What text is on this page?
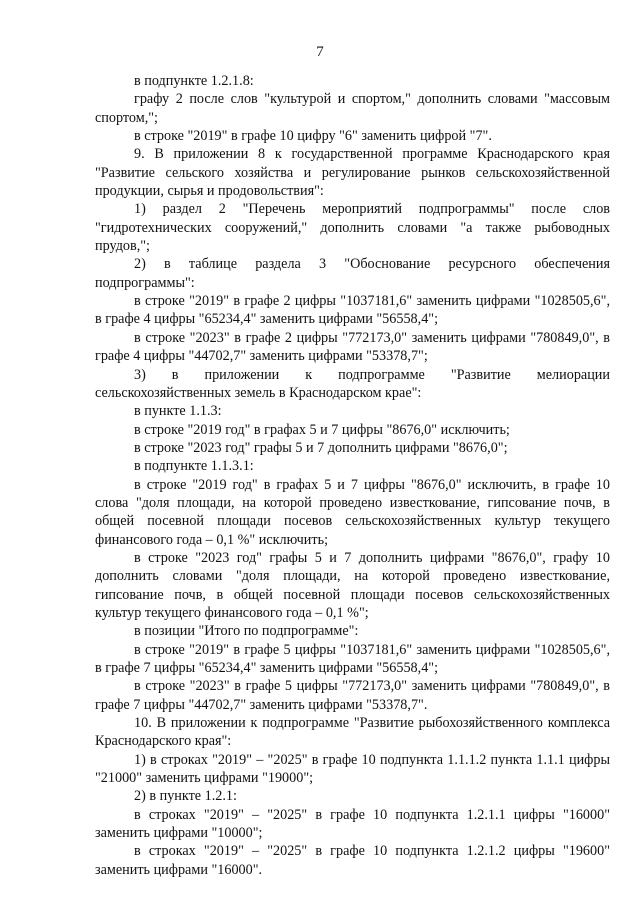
7

в подпункте 1.2.1.8:

графу 2 после слов "культурой и спортом," дополнить словами "массовым спортом,";

в строке "2019" в графе 10 цифру "6" заменить цифрой "7".

9. В приложении 8 к государственной программе Краснодарского края "Развитие сельского хозяйства и регулирование рынков сельскохозяйственной продукции, сырья и продовольствия":

1) раздел 2 "Перечень мероприятий подпрограммы" после слов "гидротехнических сооружений," дополнить словами "а также рыбоводных прудов,";

2) в таблице раздела 3 "Обоснование ресурсного обеспечения подпрограммы":

в строке "2019" в графе 2 цифры "1037181,6" заменить цифрами "1028505,6", в графе 4 цифры "65234,4" заменить цифрами "56558,4";

в строке "2023" в графе 2 цифры "772173,0" заменить цифрами "780849,0", в графе 4 цифры "44702,7" заменить цифрами "53378,7";

3) в приложении к подпрограмме "Развитие мелиорации сельскохозяйственных земель в Краснодарском крае":

в пункте 1.1.3:

в строке "2019 год" в графах 5 и 7 цифры "8676,0" исключить;

в строке "2023 год" графы 5 и 7 дополнить цифрами "8676,0";

в подпункте 1.1.3.1:

в строке "2019 год" в графах 5 и 7 цифры "8676,0" исключить, в графе 10 слова "доля площади, на которой проведено известкование, гипсование почв, в общей посевной площади посевов сельскохозяйственных культур текущего финансового года – 0,1 %" исключить;

в строке "2023 год" графы 5 и 7 дополнить цифрами "8676,0", графу 10 дополнить словами "доля площади, на которой проведено известкование, гипсование почв, в общей посевной площади посевов сельскохозяйственных культур текущего финансового года – 0,1 %";

в позиции "Итого по подпрограмме":

в строке "2019" в графе 5 цифры "1037181,6" заменить цифрами "1028505,6", в графе 7 цифры "65234,4" заменить цифрами "56558,4";

в строке "2023" в графе 5 цифры "772173,0" заменить цифрами "780849,0", в графе 7 цифры "44702,7" заменить цифрами "53378,7".

10. В приложении к подпрограмме "Развитие рыбохозяйственного комплекса Краснодарского края":

1) в строках "2019" – "2025" в графе 10 подпункта 1.1.1.2 пункта 1.1.1 цифры "21000" заменить цифрами "19000";

2) в пункте 1.2.1:

в строках "2019" – "2025" в графе 10 подпункта 1.2.1.1 цифры "16000" заменить цифрами "10000";

в строках "2019" – "2025" в графе 10 подпункта 1.2.1.2 цифры "19600" заменить цифрами "16000".
